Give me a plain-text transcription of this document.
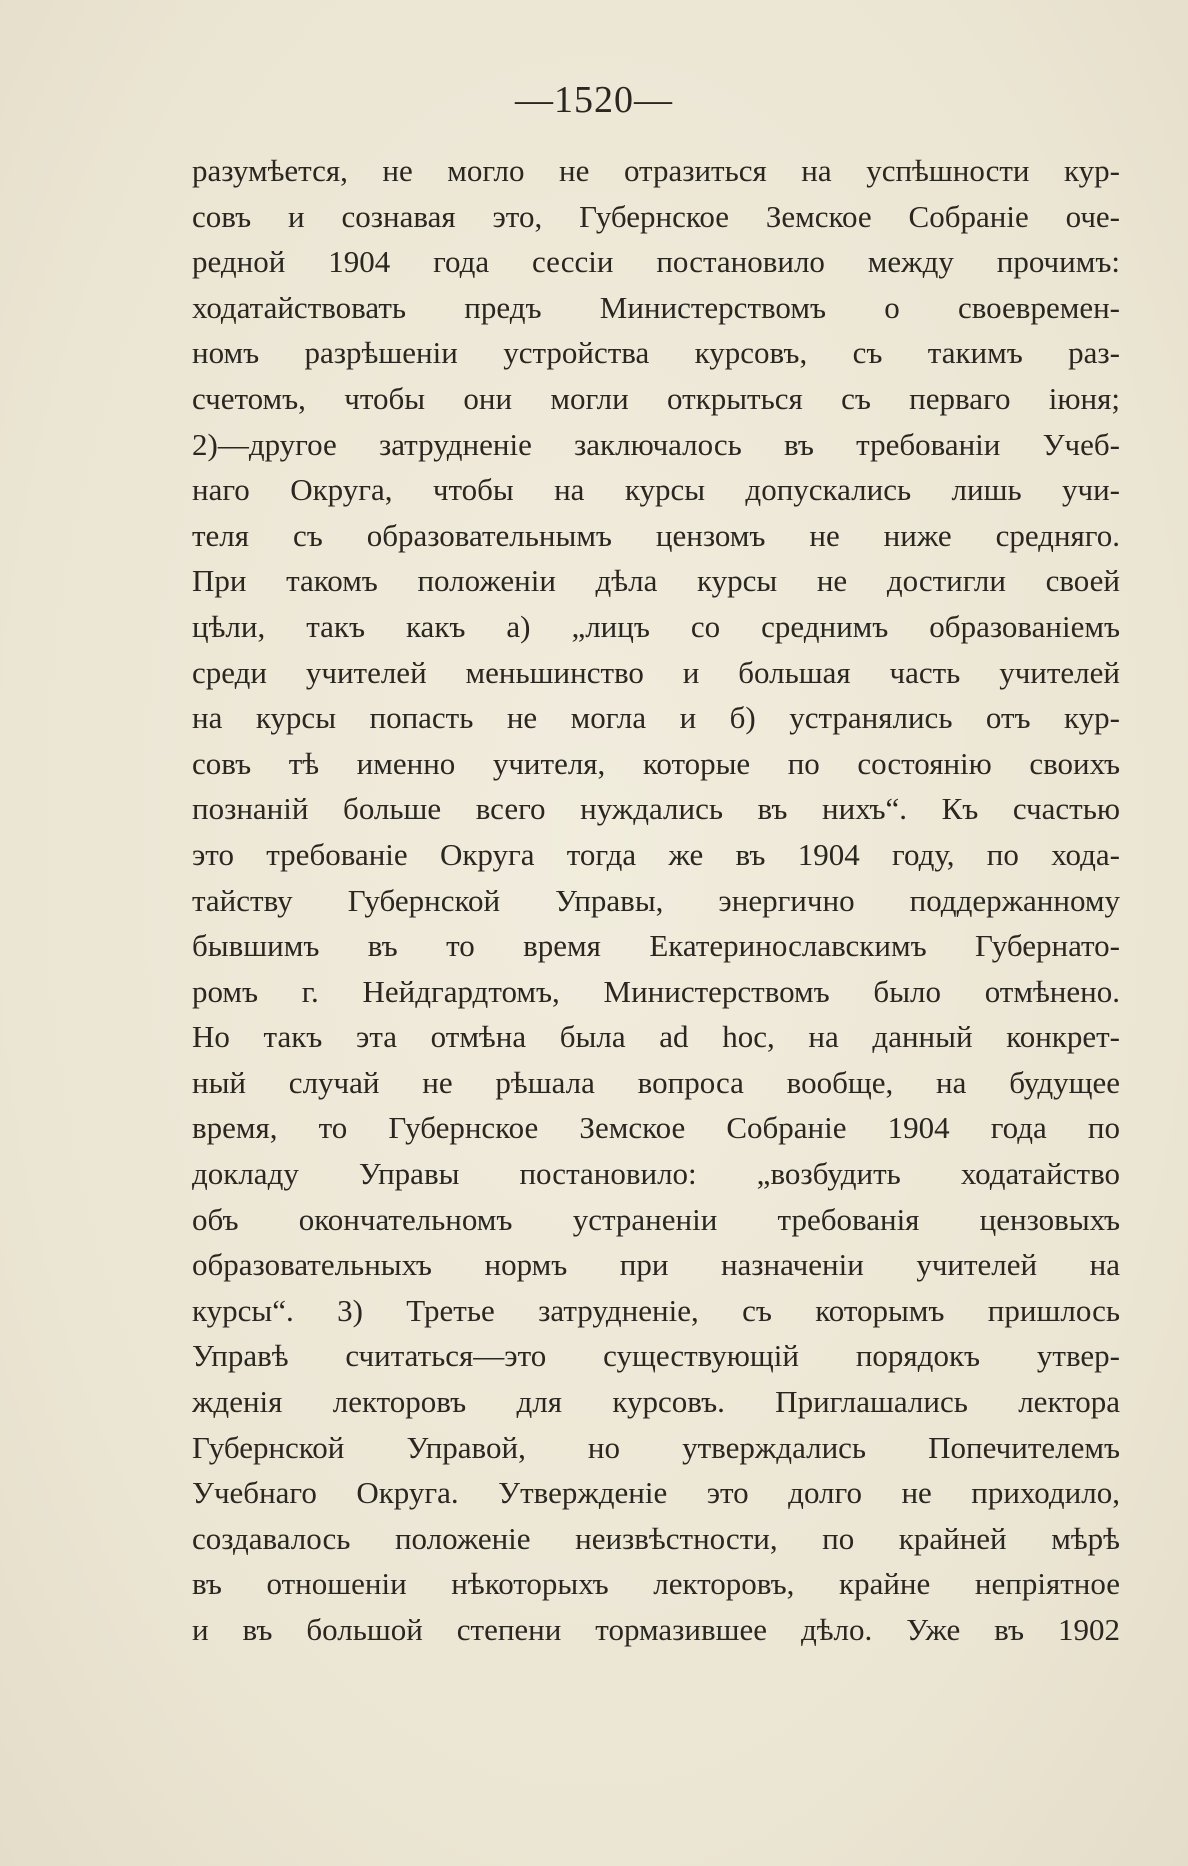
—1520—
разумѣется, не могло не отразиться на успѣшности кур-
совъ и сознавая это, Губернское Земское Собраніе оче-
редной 1904 года сессіи постановило между прочимъ:
ходатайствовать предъ Министерствомъ о своевремен-
номъ разрѣшеніи устройства курсовъ, съ такимъ раз-
счетомъ, чтобы они могли открыться съ перваго іюня;
2)—другое затрудненіе заключалось въ требованіи Учеб-
наго Округа, чтобы на курсы допускались лишь учи-
теля съ образовательнымъ цензомъ не ниже средняго.
При такомъ положеніи дѣла курсы не достигли своей
цѣли, такъ какъ а) „лицъ со среднимъ образованіемъ
среди учителей меньшинство и большая часть учителей
на курсы попасть не могла и б) устранялись отъ кур-
совъ тѣ именно учителя, которые по состоянію своихъ
познаній больше всего нуждались въ нихъ“. Къ счастью
это требованіе Округа тогда же въ 1904 году, по хода-
тайству Губернской Управы, энергично поддержанному
бывшимъ въ то время Екатеринославскимъ Губернато-
ромъ г. Нейдгардтомъ, Министерствомъ было отмѣнено.
Но такъ эта отмѣна была ad hoc, на данный конкрет-
ный случай не рѣшала вопроса вообще, на будущее
время, то Губернское Земское Собраніе 1904 года по
докладу Управы постановило: „возбудить ходатайство
объ окончательномъ устраненіи требованія цензовыхъ
образовательныхъ нормъ при назначеніи учителей на
курсы“. 3) Третье затрудненіе, съ которымъ пришлось
Управѣ считаться—это существующій порядокъ утвер-
жденія лекторовъ для курсовъ. Приглашались лектора
Губернской Управой, но утверждались Попечителемъ
Учебнаго Округа. Утвержденіе это долго не приходило,
создавалось положеніе неизвѣстности, по крайней мѣрѣ
въ отношеніи нѣкоторыхъ лекторовъ, крайне непріятное
и въ большой степени тормазившее дѣло. Уже въ 1902
